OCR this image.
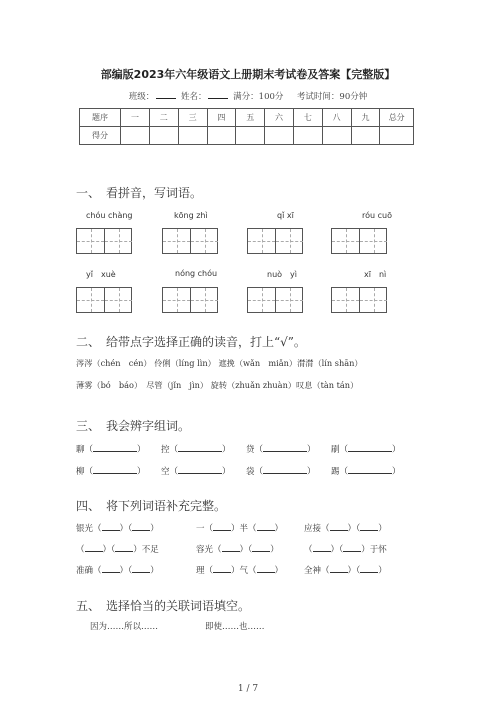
部编版2023年六年级语文上册期末考试卷及答案【完整版】
班级：	姓名：	满分：100分 考试时间：90分钟
题序	一	二	三	四	五	六	七	八	九	总分
得分										
一、 看拼音，写词语。
chóu chàng	kōng zhì	qǐ xī	róu cuō
yǐ　xuè	nóng chóu	nuò　yì	xī　nì
二、 给带点字选择正确的读音，打上“√”。
涔涔（chén　cén） 伶俐（líng lìn） 遮挽（wǎn　miǎn）潸潸（lín shān）
薄雾（bó　báo）　尽管（jǐn　jìn） 旋转（zhuǎn zhuàn）叹息（tàn tán）
三、 我会辨字组词。
聊（	） 控（	） 贷（	） 刷（	）
柳（	） 空（	） 袋（	） 踢（	）
四、 将下列词语补充完整。
银光（ ）（ ）	一（ ）半（ ） 应接（ ）（ ）
（ ）（ ）不足	容光（ ）（ ）	（ ）（ ）于怀
准确（ ）（ ）	理（ ）气（ ） 全神（ ）（ ）
五、 选择恰当的关联词语填空。
因为……所以……	即使……也……
1 / 7
